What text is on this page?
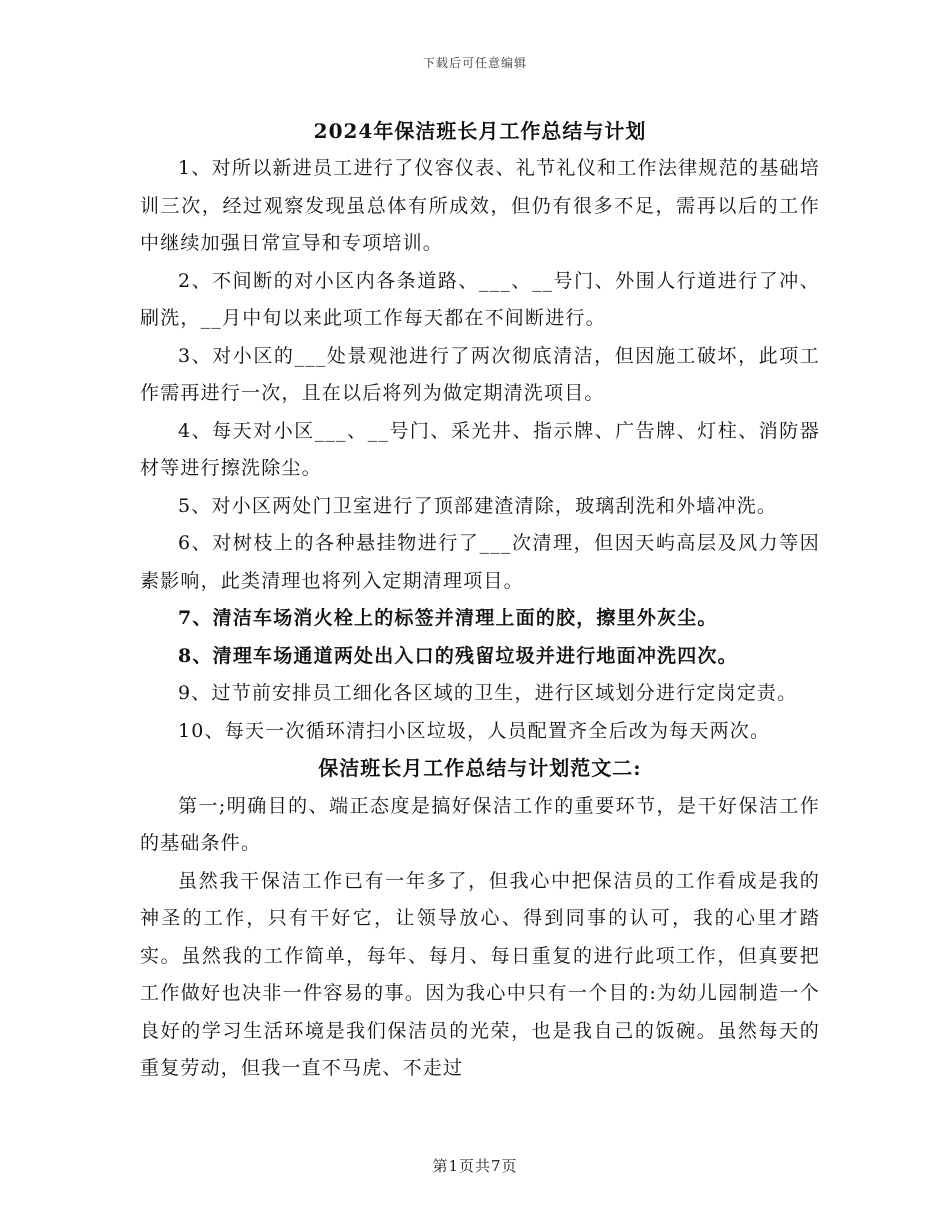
下载后可任意编辑
2024年保洁班长月工作总结与计划

1、对所以新进员工进行了仪容仪表、礼节礼仪和工作法律规范的基础培训三次，经过观察发现虽总体有所成效，但仍有很多不足，需再以后的工作中继续加强日常宣导和专项培训。

2、不间断的对小区内各条道路、___、__号门、外围人行道进行了冲、刷洗，__月中旬以来此项工作每天都在不间断进行。

3、对小区的___处景观池进行了两次彻底清洁，但因施工破坏，此项工作需再进行一次，且在以后将列为做定期清洗项目。

4、每天对小区___、__号门、采光井、指示牌、广告牌、灯柱、消防器材等进行擦洗除尘。

5、对小区两处门卫室进行了顶部建渣清除，玻璃刮洗和外墙冲洗。

6、对树枝上的各种悬挂物进行了___次清理，但因天屿高层及风力等因素影响，此类清理也将列入定期清理项目。

7、清洁车场消火栓上的标签并清理上面的胶，擦里外灰尘。

8、清理车场通道两处出入口的残留垃圾并进行地面冲洗四次。

9、过节前安排员工细化各区域的卫生，进行区域划分进行定岗定责。

10、每天一次循环清扫小区垃圾，人员配置齐全后改为每天两次。

保洁班长月工作总结与计划范文二:

第一;明确目的、端正态度是搞好保洁工作的重要环节，是干好保洁工作的基础条件。

虽然我干保洁工作已有一年多了，但我心中把保洁员的工作看成是我的神圣的工作，只有干好它，让领导放心、得到同事的认可，我的心里才踏实。虽然我的工作简单，每年、每月、每日重复的进行此项工作，但真要把工作做好也决非一件容易的事。因为我心中只有一个目的:为幼儿园制造一个良好的学习生活环境是我们保洁员的光荣，也是我自己的饭碗。虽然每天的重复劳动，但我一直不马虎、不走过

第1页共7页
